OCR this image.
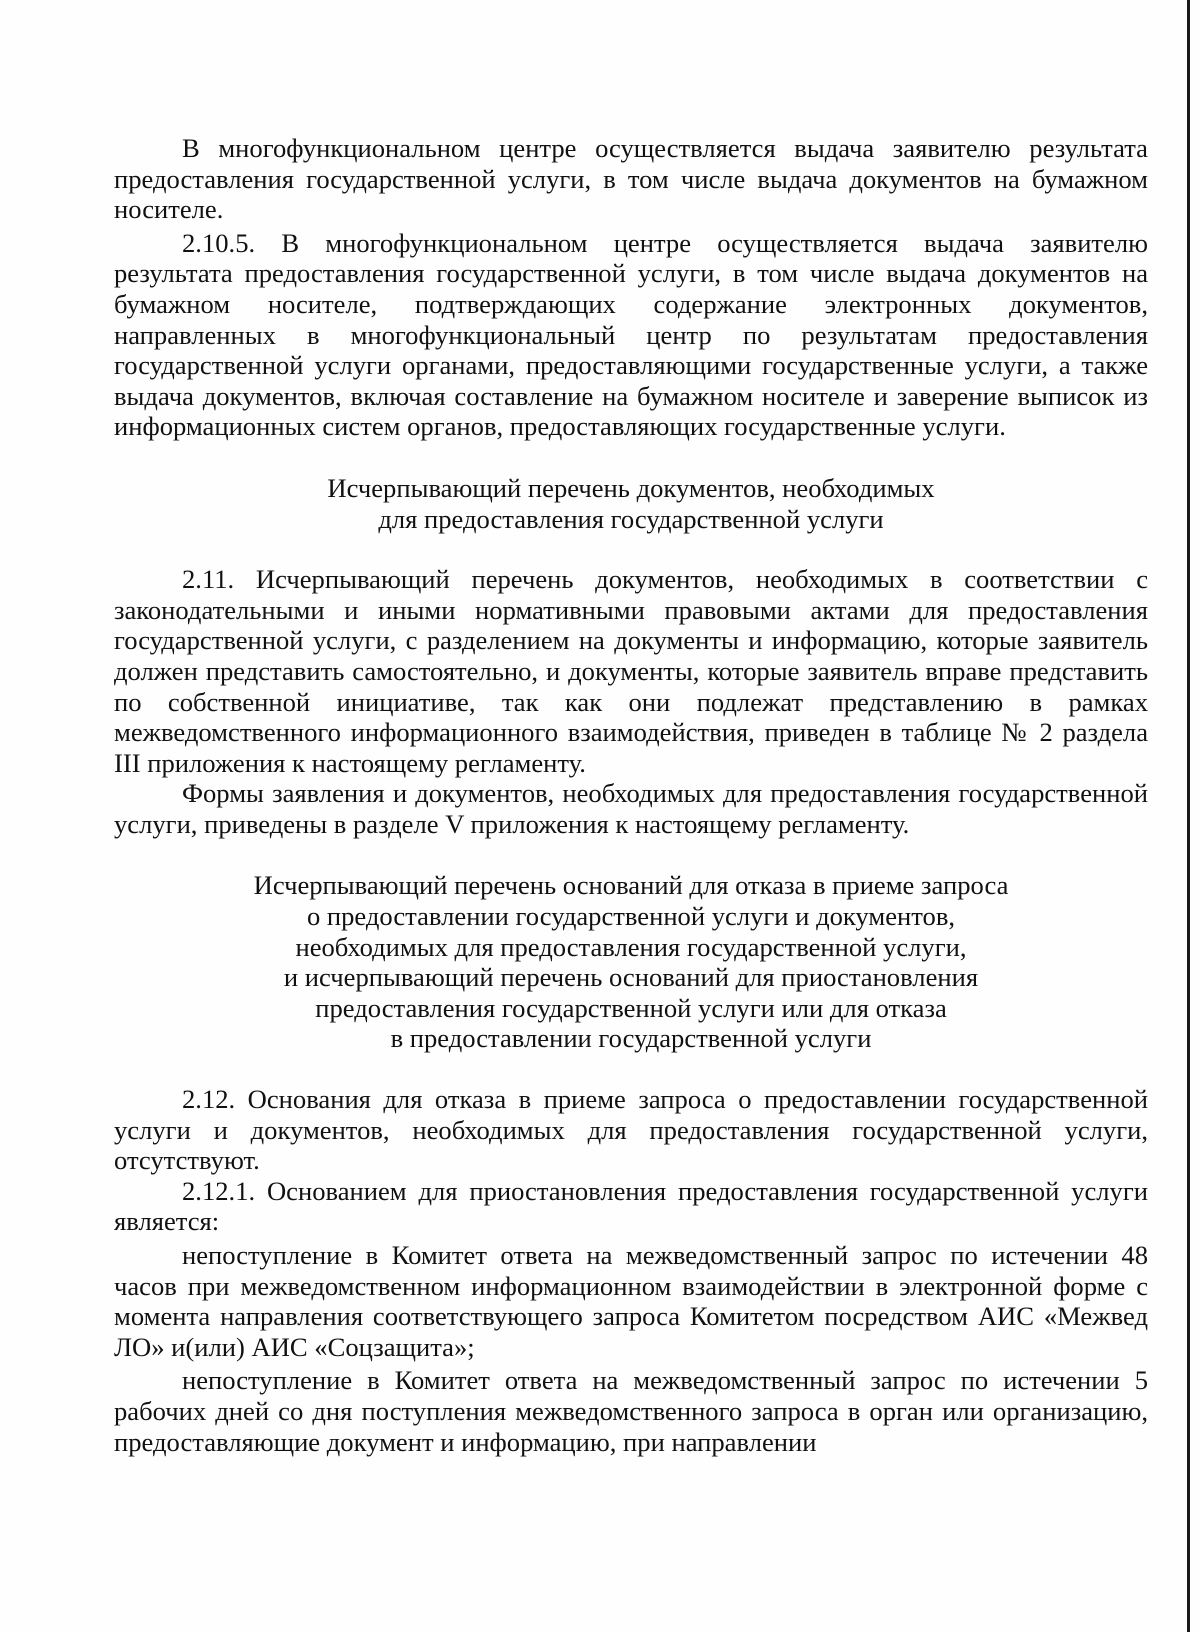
В многофункциональном центре осуществляется выдача заявителю результата предоставления государственной услуги, в том числе выдача документов на бумажном носителе.

2.10.5. В многофункциональном центре осуществляется выдача заявителю результата предоставления государственной услуги, в том числе выдача документов на бумажном носителе, подтверждающих содержание электронных документов, направленных в многофункциональный центр по результатам предоставления государственной услуги органами, предоставляющими государственные услуги, а также выдача документов, включая составление на бумажном носителе и заверение выписок из информационных систем органов, предоставляющих государственные услуги.

Исчерпывающий перечень документов, необходимых
для предоставления государственной услуги

2.11. Исчерпывающий перечень документов, необходимых в соответствии с законодательными и иными нормативными правовыми актами для предоставления государственной услуги, с разделением на документы и информацию, которые заявитель должен представить самостоятельно, и документы, которые заявитель вправе представить по собственной инициативе, так как они подлежат представлению в рамках межведомственного информационного взаимодействия, приведен в таблице № 2 раздела III приложения к настоящему регламенту.

Формы заявления и документов, необходимых для предоставления государственной услуги, приведены в разделе V приложения к настоящему регламенту.

Исчерпывающий перечень оснований для отказа в приеме запроса
о предоставлении государственной услуги и документов,
необходимых для предоставления государственной услуги,
и исчерпывающий перечень оснований для приостановления
предоставления государственной услуги или для отказа
в предоставлении государственной услуги

2.12. Основания для отказа в приеме запроса о предоставлении государственной услуги и документов, необходимых для предоставления государственной услуги, отсутствуют.

2.12.1. Основанием для приостановления предоставления государственной услуги является:

непоступление в Комитет ответа на межведомственный запрос по истечении 48 часов при межведомственном информационном взаимодействии в электронной форме с момента направления соответствующего запроса Комитетом посредством АИС «Межвед ЛО» и(или) АИС «Соцзащита»;

непоступление в Комитет ответа на межведомственный запрос по истечении 5 рабочих дней со дня поступления межведомственного запроса в орган или организацию, предоставляющие документ и информацию, при направлении
